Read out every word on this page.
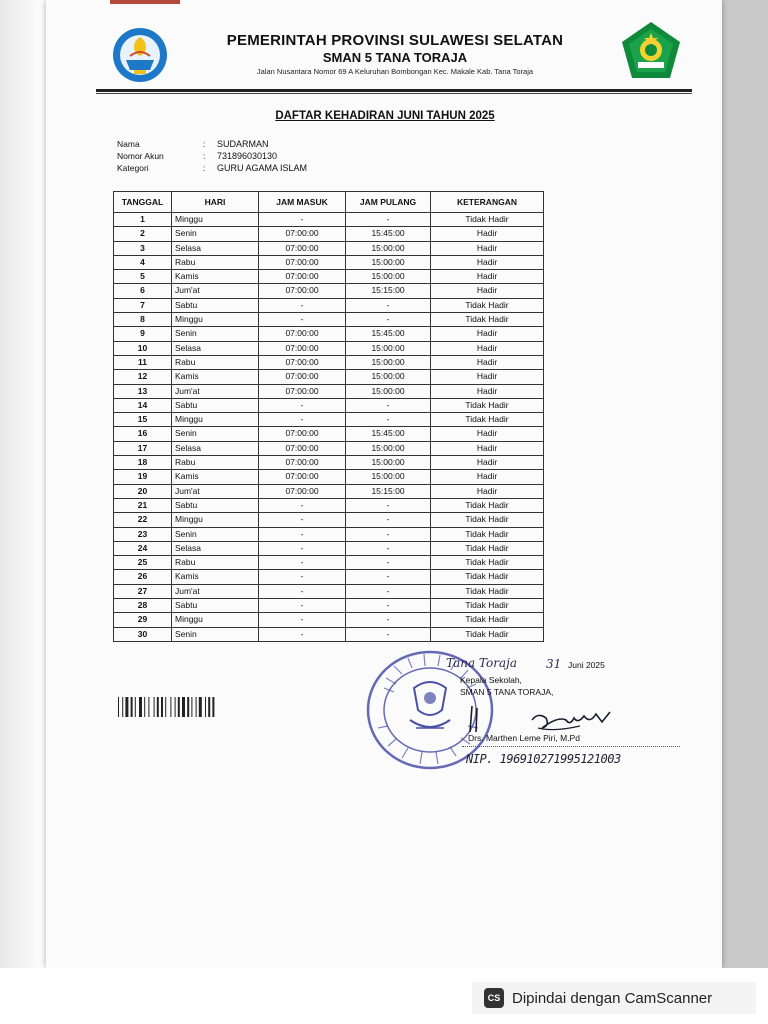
PEMERINTAH PROVINSI SULAWESI SELATAN
SMAN 5 TANA TORAJA
Jalan Nusantara Nomor 69 A Keluruhan Bombongan Kec. Makale Kab. Tana Toraja
DAFTAR KEHADIRAN JUNI TAHUN 2025
Nama	:	SUDARMAN
Nomor Akun	:	731896030130
Kategori	:	GURU AGAMA ISLAM
TANGGAL	HARI	JAM MASUK	JAM PULANG	KETERANGAN
1	Minggu	-	-	Tidak Hadir
2	Senin	07:00:00	15:45:00	Hadir
3	Selasa	07:00:00	15:00:00	Hadir
4	Rabu	07:00:00	15:00:00	Hadir
5	Kamis	07:00:00	15:00:00	Hadir
6	Jum'at	07:00:00	15:15:00	Hadir
7	Sabtu	-	-	Tidak Hadir
8	Minggu	-	-	Tidak Hadir
9	Senin	07:00:00	15:45:00	Hadir
10	Selasa	07:00:00	15:00:00	Hadir
11	Rabu	07:00:00	15:00:00	Hadir
12	Kamis	07:00:00	15:00:00	Hadir
13	Jum'at	07:00:00	15:00:00	Hadir
14	Sabtu	-	-	Tidak Hadir
15	Minggu	-	-	Tidak Hadir
16	Senin	07:00:00	15:45:00	Hadir
17	Selasa	07:00:00	15:00:00	Hadir
18	Rabu	07:00:00	15:00:00	Hadir
19	Kamis	07:00:00	15:00:00	Hadir
20	Jum'at	07:00:00	15:15:00	Hadir
21	Sabtu	-	-	Tidak Hadir
22	Minggu	-	-	Tidak Hadir
23	Senin	-	-	Tidak Hadir
24	Selasa	-	-	Tidak Hadir
25	Rabu	-	-	Tidak Hadir
26	Kamis	-	-	Tidak Hadir
27	Jum'at	-	-	Tidak Hadir
28	Sabtu	-	-	Tidak Hadir
29	Minggu	-	-	Tidak Hadir
30	Senin	-	-	Tidak Hadir
Tana Toraja 31 Juni 2025
Kepala Sekolah,
SMAN 5 TANA TORAJA,
Drs. Marthen Leme Piri, M.Pd
NIP. 196910271995121003
CS Dipindai dengan CamScanner
